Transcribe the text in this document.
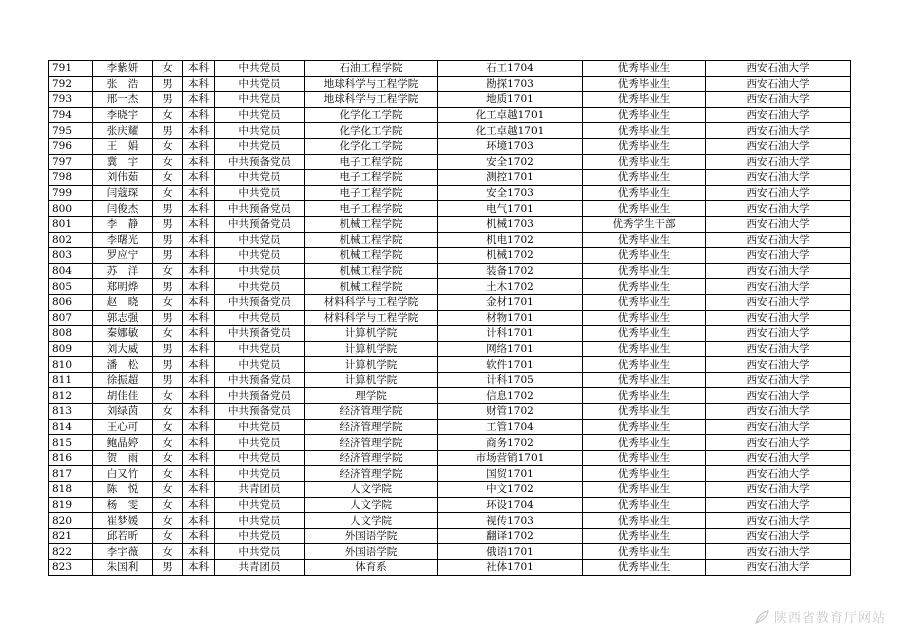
791	李紫妍	女	本科	中共党员	石油工程学院	石工1704	优秀毕业生	西安石油大学
792	张　浩	男	本科	中共党员	地球科学与工程学院	勘探1703	优秀毕业生	西安石油大学
793	邢一杰	男	本科	中共党员	地球科学与工程学院	地质1701	优秀毕业生	西安石油大学
794	李晓宇	女	本科	中共党员	化学化工学院	化工卓越1701	优秀毕业生	西安石油大学
795	张庆耀	男	本科	中共党员	化学化工学院	化工卓越1701	优秀毕业生	西安石油大学
796	王　娟	女	本科	中共党员	化学化工学院	环境1703	优秀毕业生	西安石油大学
797	冀　宇	女	本科	中共预备党员	电子工程学院	安全1702	优秀毕业生	西安石油大学
798	刘伟茹	女	本科	中共党员	电子工程学院	测控1701	优秀毕业生	西安石油大学
799	闫蔻琛	女	本科	中共党员	电子工程学院	安全1703	优秀毕业生	西安石油大学
800	闫俊杰	男	本科	中共预备党员	电子工程学院	电气1701	优秀毕业生	西安石油大学
801	李　静	男	本科	中共预备党员	机械工程学院	机械1703	优秀学生干部	西安石油大学
802	李曙光	男	本科	中共党员	机械工程学院	机电1702	优秀毕业生	西安石油大学
803	罗应宁	男	本科	中共党员	机械工程学院	机械1702	优秀毕业生	西安石油大学
804	苏　洋	女	本科	中共党员	机械工程学院	装备1702	优秀毕业生	西安石油大学
805	郑明烨	男	本科	中共党员	机械工程学院	土木1702	优秀毕业生	西安石油大学
806	赵　晓	女	本科	中共预备党员	材料科学与工程学院	金材1701	优秀毕业生	西安石油大学
807	郭志强	男	本科	中共党员	材料科学与工程学院	材物1701	优秀毕业生	西安石油大学
808	秦娜敏	女	本科	中共预备党员	计算机学院	计科1701	优秀毕业生	西安石油大学
809	刘大威	男	本科	中共党员	计算机学院	网络1701	优秀毕业生	西安石油大学
810	潘　松	男	本科	中共党员	计算机学院	软件1701	优秀毕业生	西安石油大学
811	徐振超	男	本科	中共预备党员	计算机学院	计科1705	优秀毕业生	西安石油大学
812	胡佳佳	女	本科	中共预备党员	理学院	信息1702	优秀毕业生	西安石油大学
813	刘绿茵	女	本科	中共预备党员	经济管理学院	财管1702	优秀毕业生	西安石油大学
814	王心可	女	本科	中共党员	经济管理学院	工管1704	优秀毕业生	西安石油大学
815	鲍晶婷	女	本科	中共党员	经济管理学院	商务1702	优秀毕业生	西安石油大学
816	贺　雨	女	本科	中共党员	经济管理学院	市场营销1701	优秀毕业生	西安石油大学
817	白又竹	女	本科	中共党员	经济管理学院	国贸1701	优秀毕业生	西安石油大学
818	陈　悦	女	本科	共青团员	人文学院	中文1702	优秀毕业生	西安石油大学
819	杨　雯	女	本科	中共党员	人文学院	环设1704	优秀毕业生	西安石油大学
820	崔梦媛	女	本科	中共党员	人文学院	视传1703	优秀毕业生	西安石油大学
821	邱若昕	女	本科	中共党员	外国语学院	翻译1702	优秀毕业生	西安石油大学
822	李宇薇	女	本科	中共党员	外国语学院	俄语1701	优秀毕业生	西安石油大学
823	朱国利	男	本科	共青团员	体育系	社体1701	优秀毕业生	西安石油大学
陕西省教育厅网站
